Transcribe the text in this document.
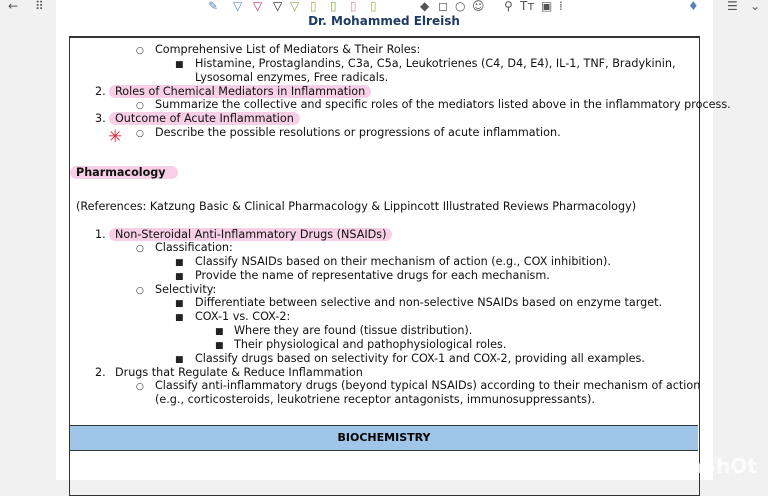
Dr. Mohammed Elreish
← ⠿	✎ ▽ ▽ ▽ ▽ ▯ ▯ ▯ ▯	◆ ◻ ○ ☺ ⚲ Tт ▣ ⁞	♦ ☰ ⌄
○ Comprehensive List of Mediators & Their Roles:
■ Histamine, Prostaglandins, C3a, C5a, Leukotrienes (C4, D4, E4), IL-1, TNF, Bradykinin,
Lysosomal enzymes, Free radicals.
2. Roles of Chemical Mediators in Inflammation
○ Summarize the collective and specific roles of the mediators listed above in the inflammatory process.
3. Outcome of Acute Inflammation
✳ ○ Describe the possible resolutions or progressions of acute inflammation.
Pharmacology
(References: Katzung Basic & Clinical Pharmacology & Lippincott Illustrated Reviews Pharmacology)
1. Non-Steroidal Anti-Inflammatory Drugs (NSAIDs)
○ Classification:
■ Classify NSAIDs based on their mechanism of action (e.g., COX inhibition).
■ Provide the name of representative drugs for each mechanism.
○ Selectivity:
■ Differentiate between selective and non-selective NSAIDs based on enzyme target.
■ COX-1 vs. COX-2:
■ Where they are found (tissue distribution).
■ Their physiological and pathophysiological roles.
■ Classify drugs based on selectivity for COX-1 and COX-2, providing all examples.
2. Drugs that Regulate & Reduce Inflammation
○ Classify anti-inflammatory drugs (beyond typical NSAIDs) according to their mechanism of action
(e.g., corticosteroids, leukotriene receptor antagonists, immunosuppressants).
BIOCHEMISTRY
InShOt
